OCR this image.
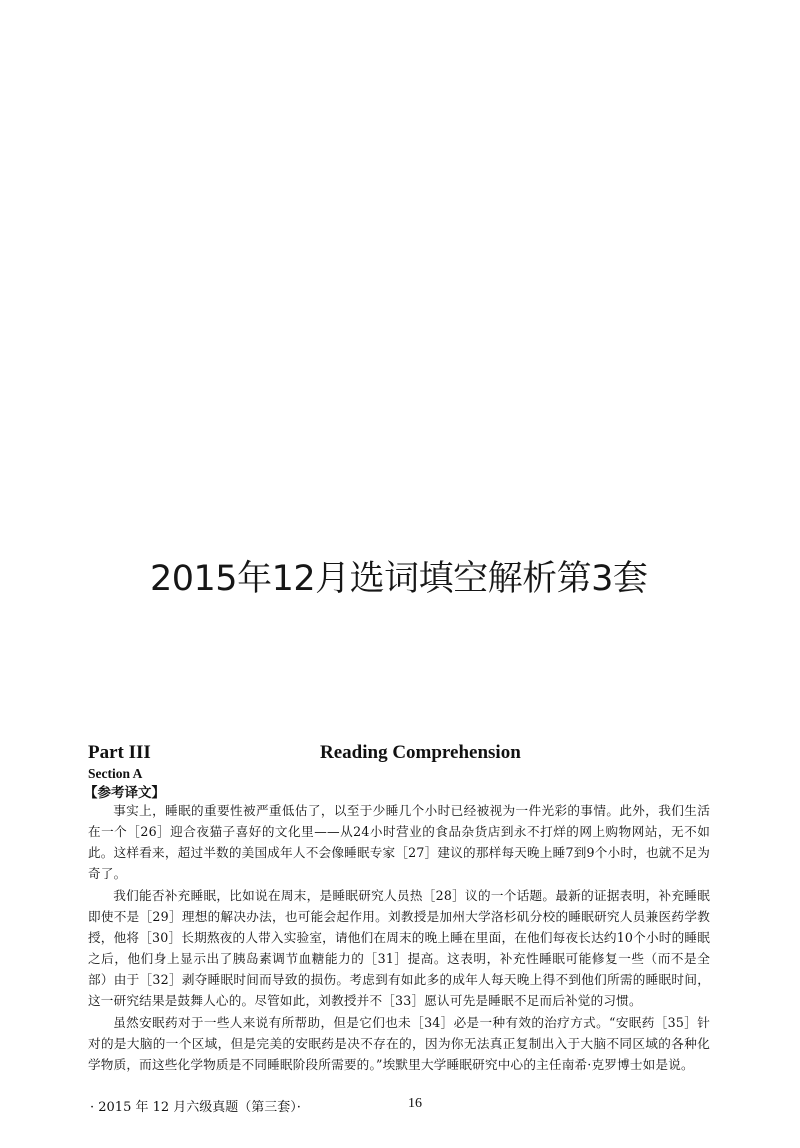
2015年12月选词填空解析第3套
Part III	Reading Comprehension
Section A
【参考译文】

事实上，睡眠的重要性被严重低估了，以至于少睡几个小时已经被视为一件光彩的事情。此外，我们生活在一个［26］迎合夜猫子喜好的文化里——从24小时营业的食品杂货店到永不打烊的网上购物网站，无不如此。这样看来，超过半数的美国成年人不会像睡眠专家［27］建议的那样每天晚上睡7到9个小时，也就不足为奇了。

我们能否补充睡眠，比如说在周末，是睡眠研究人员热［28］议的一个话题。最新的证据表明，补充睡眠即使不是［29］理想的解决办法，也可能会起作用。刘教授是加州大学洛杉矶分校的睡眠研究人员兼医药学教授，他将［30］长期熬夜的人带入实验室，请他们在周末的晚上睡在里面，在他们每夜长达约10个小时的睡眠之后，他们身上显示出了胰岛素调节血糖能力的［31］提高。这表明，补充性睡眠可能修复一些（而不是全部）由于［32］剥夺睡眠时间而导致的损伤。考虑到有如此多的成年人每天晚上得不到他们所需的睡眠时间，这一研究结果是鼓舞人心的。尽管如此，刘教授并不［33］愿认可先是睡眠不足而后补觉的习惯。

虽然安眠药对于一些人来说有所帮助，但是它们也未［34］必是一种有效的治疗方式。“安眠药［35］针对的是大脑的一个区域，但是完美的安眠药是决不存在的，因为你无法真正复制出入于大脑不同区域的各种化学物质，而这些化学物质是不同睡眠阶段所需要的。”埃默里大学睡眠研究中心的主任南希·克罗博士如是说。

· 2015 年 12 月六级真题（第三套）·	16
